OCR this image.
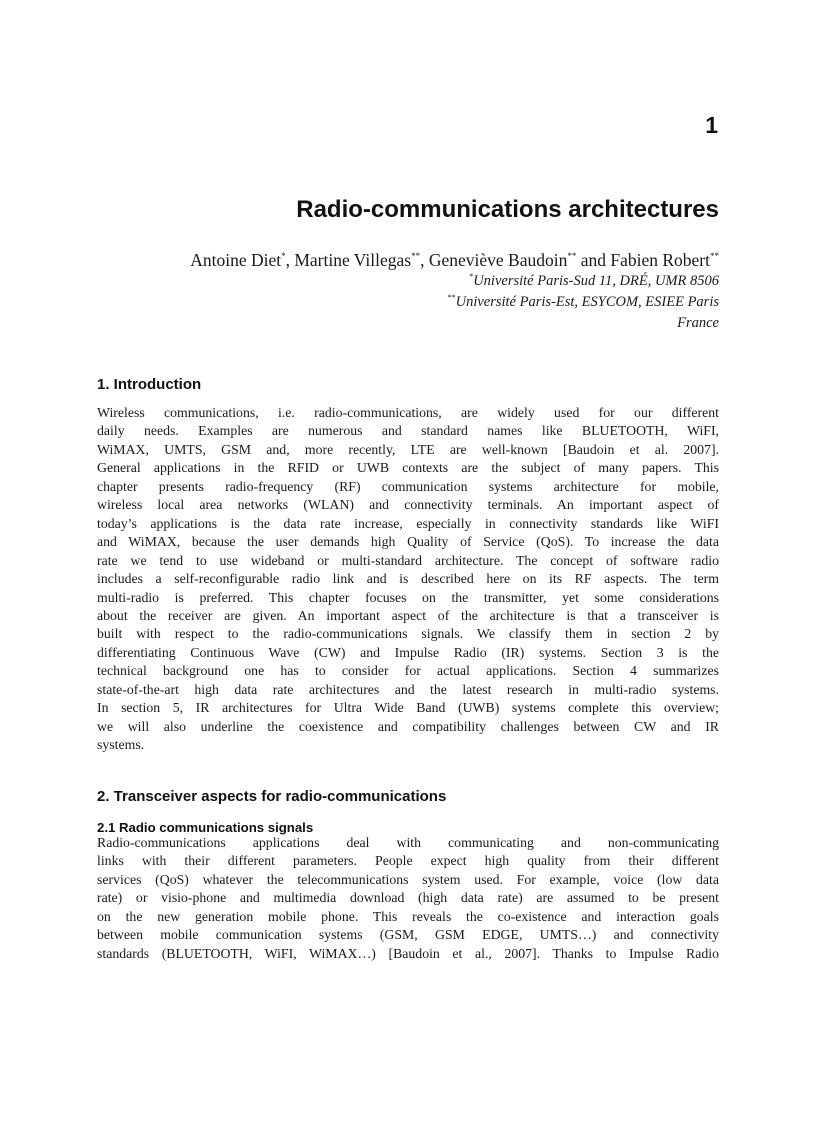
1
Radio-communications architectures
Antoine Diet*, Martine Villegas**, Geneviève Baudoin** and Fabien Robert**
*Université Paris-Sud 11, DRÉ, UMR 8506
**Université Paris-Est, ESYCOM, ESIEE Paris
France
1. Introduction
Wireless communications, i.e. radio-communications, are widely used for our different
daily needs. Examples are numerous and standard names like BLUETOOTH, WiFI,
WiMAX, UMTS, GSM and, more recently, LTE are well-known [Baudoin et al. 2007].
General applications in the RFID or UWB contexts are the subject of many papers. This
chapter presents radio-frequency (RF) communication systems architecture for mobile,
wireless local area networks (WLAN) and connectivity terminals. An important aspect of
today’s applications is the data rate increase, especially in connectivity standards like WiFI
and WiMAX, because the user demands high Quality of Service (QoS). To increase the data
rate we tend to use wideband or multi-standard architecture. The concept of software radio
includes a self-reconfigurable radio link and is described here on its RF aspects. The term
multi-radio is preferred. This chapter focuses on the transmitter, yet some considerations
about the receiver are given. An important aspect of the architecture is that a transceiver is
built with respect to the radio-communications signals. We classify them in section 2 by
differentiating Continuous Wave (CW) and Impulse Radio (IR) systems. Section 3 is the
technical background one has to consider for actual applications. Section 4 summarizes
state-of-the-art high data rate architectures and the latest research in multi-radio systems.
In section 5, IR architectures for Ultra Wide Band (UWB) systems complete this overview;
we will also underline the coexistence and compatibility challenges between CW and IR
systems.
2. Transceiver aspects for radio-communications
2.1 Radio communications signals
Radio-communications applications deal with communicating and non-communicating
links with their different parameters. People expect high quality from their different
services (QoS) whatever the telecommunications system used. For example, voice (low data
rate) or visio-phone and multimedia download (high data rate) are assumed to be present
on the new generation mobile phone. This reveals the co-existence and interaction goals
between mobile communication systems (GSM, GSM EDGE, UMTS…) and connectivity
standards (BLUETOOTH, WiFI, WiMAX…) [Baudoin et al., 2007]. Thanks to Impulse Radio
